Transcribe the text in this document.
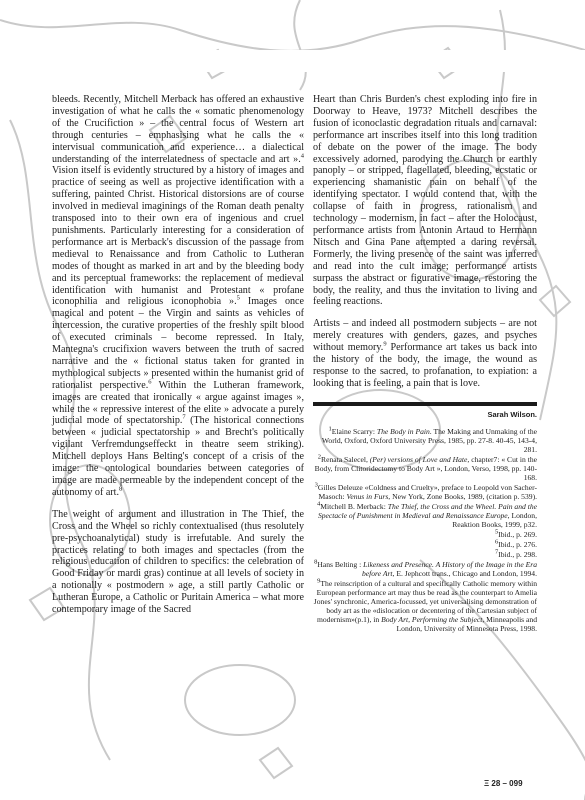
bleeds. Recently, Mitchell Merback has offered an exhaustive investigation of what he calls the « somatic phenomenology of the Crucifiction » – the central focus of Western art through centuries – emphasising what he calls the « intervisual communication and experience… a dialectical understanding of the interrelatedness of spectacle and art ».$^4$ Vision itself is evidently structured by a history of images and practice of seeing as well as projective identification with a suffering, painted Christ. Historical distorsions are of course involved in medieval imaginings of the Roman death penalty transposed into to their own era of ingenious and cruel punishments. Particularly interesting for a consideration of performance art is Merback's discussion of the passage from medieval to Renaissance and from Catholic to Lutheran modes of thought as marked in art and by the bleeding body and its perceptual frameworks: the replacement of medieval identification with humanist and Protestant « profane iconophilia and religious iconophobia ».$^5$ Images once magical and potent – the Virgin and saints as vehicles of intercession, the curative properties of the freshly spilt blood of executed criminals – become repressed. In Italy, Mantegna's crucifixion wavers between the truth of sacred narrative and the « fictional status taken for granted in mythological subjects » presented within the humanist grid of rationalist perspective.$^6$ Within the Lutheran framework, images are created that ironically « argue against images », while the « repressive interest of the elite » advocate a purely judicial mode of spectatorship.$^7$ (The historical connections between « judicial spectatorship » and Brecht's politically vigilant Verfremdungseffeckt in theatre seem striking). Mitchell deploys Hans Belting's concept of a crisis of the image: the ontological boundaries between categories of image are made permeable by the independent concept of the autonomy of art.$^8$

The weight of argument and illustration in The Thief, the Cross and the Wheel so richly contextualised (thus resolutely pre-psychoanalytical) study is irrefutable. And surely the practices relating to both images and spectacles (from the religious education of children to specifics: the celebration of Good Friday or mardi gras) continue at all levels of society in a notionally « postmodern » age, a still partly Catholic or Lutheran Europe, a Catholic or Puritain America – what more contemporary image of the Sacred

Heart than Chris Burden's chest exploding into fire in Doorway to Heave, 1973? Mitchell describes the fusion of iconoclastic degradation rituals and carnaval: performance art inscribes itself into this long tradition of debate on the power of the image. The body excessively adorned, parodying the Church or earthly panoply – or stripped, flagellated, bleeding, ecstatic or experiencing shamanistic pain on behalf of the identifying spectator. I would contend that, with the collapse of faith in progress, rationalism and technology – modernism, in fact – after the Holocaust, performance artists from Antonin Artaud to Hermann Nitsch and Gina Pane attempted a daring reversal. Formerly, the living presence of the saint was inferred and read into the cult image; performance artists surpass the abstract or figurative image, restoring the body, the reality, and thus the invitation to living and feeling reactions.

Artists – and indeed all postmodern subjects – are not merely creatures with genders, gazes, and psyches without memory.$^9$ Performance art takes us back into the history of the body, the image, the wound as response to the sacred, to profanation, to expiation: a looking that is feeling, a pain that is love.

Sarah Wilson.
$^1$Elaine Scarry: The Body in Pain. The Making and Unmaking of the World, Oxford, Oxford University Press, 1985, pp. 27-8. 40-45, 143-4, 281.
$^2$Renata Salecel, (Per) versions of Love and Hate, chapter7: « Cut in the Body, from Clitoridectomy to Body Art », London, Verso, 1998, pp. 140-168.
$^3$Gilles Deleuze «Coldness and Cruelty», preface to Leopold von Sacher-Masoch: Venus in Furs, New York, Zone Books, 1989, (citation p. 539).
$^4$Mitchell B. Merback: The Thief, the Cross and the Wheel. Pain and the Spectacle of Punishment in Medieval and Renaissance Europe, London, Reaktion Books, 1999, p32.
$^5$Ibid., p. 269.
$^6$Ibid., p. 276.
$^7$Ibid., p. 298.
$^8$Hans Belting : Likeness and Presence. A History of the Image in the Era before Art, E. Jephcott trans., Chicago and London, 1994.
$^9$The reinscription of a cultural and specifically Catholic memory within European performance art may thus be read as the counterpart to Amelia Jones' synchronic, America-focussed, yet universalising demonstration of body art as the «dislocation or decentering of the Cartesian subject of modernism»(p.1), in Body Art, Performing the Subject, Minneapolis and London, University of Minnesota Press, 1998.
Ξ 28 – 099
